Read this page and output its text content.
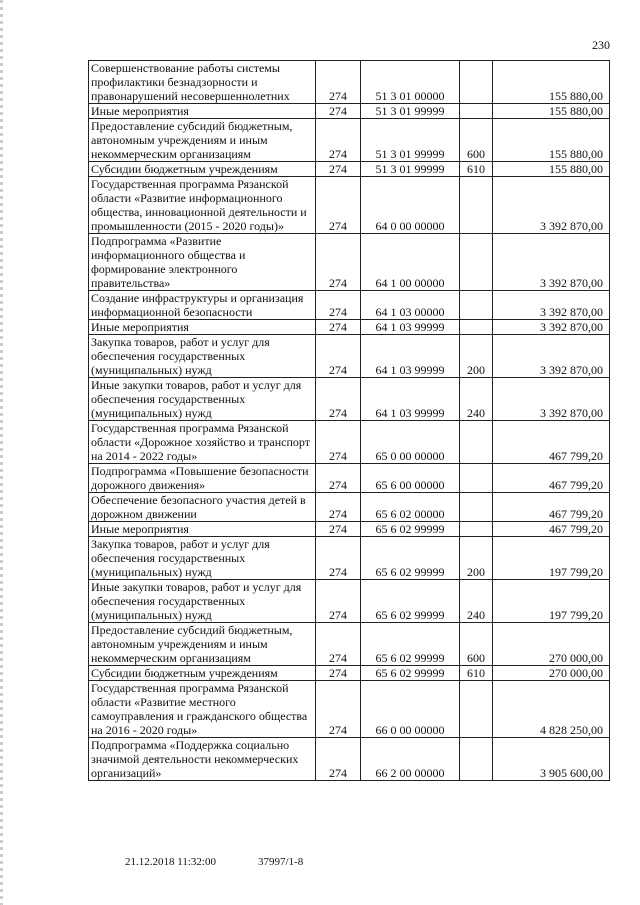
230
Совершенствование работы системы профилактики безнадзорности и правонарушений несовершеннолетних	274	51 3 01 00000		155 880,00
Иные мероприятия	274	51 3 01 99999		155 880,00
Предоставление субсидий бюджетным, автономным учреждениям и иным некоммерческим организациям	274	51 3 01 99999	600	155 880,00
Субсидии бюджетным учреждениям	274	51 3 01 99999	610	155 880,00
Государственная программа Рязанской области «Развитие информационного общества, инновационной деятельности и промышленности (2015 - 2020 годы)»	274	64 0 00 00000		3 392 870,00
Подпрограмма «Развитие информационного общества и формирование электронного правительства»	274	64 1 00 00000		3 392 870,00
Создание инфраструктуры и организация информационной безопасности	274	64 1 03 00000		3 392 870,00
Иные мероприятия	274	64 1 03 99999		3 392 870,00
Закупка товаров, работ и услуг для обеспечения государственных (муниципальных) нужд	274	64 1 03 99999	200	3 392 870,00
Иные закупки товаров, работ и услуг для обеспечения государственных (муниципальных) нужд	274	64 1 03 99999	240	3 392 870,00
Государственная программа Рязанской области «Дорожное хозяйство и транспорт на 2014 - 2022 годы»	274	65 0 00 00000		467 799,20
Подпрограмма «Повышение безопасности дорожного движения»	274	65 6 00 00000		467 799,20
Обеспечение безопасного участия детей в дорожном движении	274	65 6 02 00000		467 799,20
Иные мероприятия	274	65 6 02 99999		467 799,20
Закупка товаров, работ и услуг для обеспечения государственных (муниципальных) нужд	274	65 6 02 99999	200	197 799,20
Иные закупки товаров, работ и услуг для обеспечения государственных (муниципальных) нужд	274	65 6 02 99999	240	197 799,20
Предоставление субсидий бюджетным, автономным учреждениям и иным некоммерческим организациям	274	65 6 02 99999	600	270 000,00
Субсидии бюджетным учреждениям	274	65 6 02 99999	610	270 000,00
Государственная программа Рязанской области «Развитие местного самоуправления и гражданского общества на 2016 - 2020 годы»	274	66 0 00 00000		4 828 250,00
Подпрограмма «Поддержка социально значимой деятельности некоммерческих организаций»	274	66 2 00 00000		3 905 600,00
21.12.2018 11:32:00	37997/1-8
